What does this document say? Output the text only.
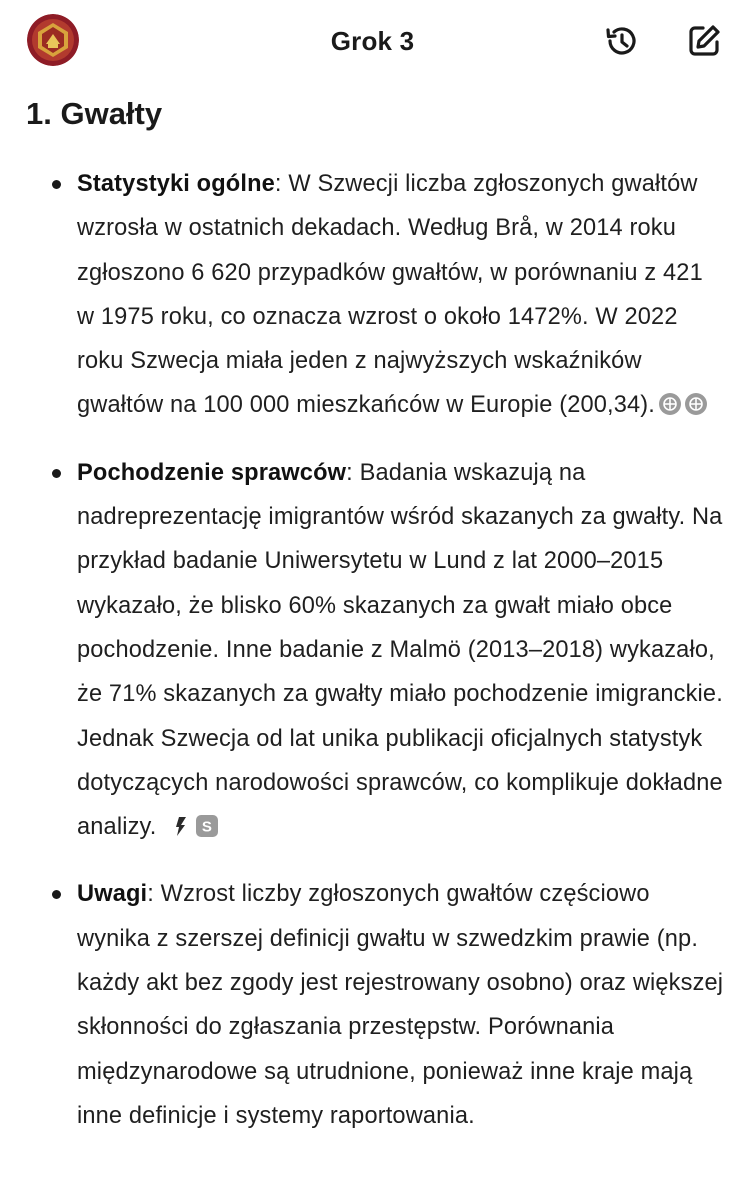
Grok 3
1. Gwałty
Statystyki ogólne: W Szwecji liczba zgłoszonych gwałtów wzrosła w ostatnich dekadach. Według Brå, w 2014 roku zgłoszono 6 620 przypadków gwałtów, w porównaniu z 421 w 1975 roku, co oznacza wzrost o około 1472%. W 2022 roku Szwecja miała jeden z najwyższych wskaźników gwałtów na 100 000 mieszkańców w Europie (200,34).
Pochodzenie sprawców: Badania wskazują na nadreprezentację imigrantów wśród skazanych za gwałty. Na przykład badanie Uniwersytetu w Lund z lat 2000–2015 wykazało, że blisko 60% skazanych za gwałt miało obce pochodzenie. Inne badanie z Malmö (2013–2018) wykazało, że 71% skazanych za gwałty miało pochodzenie imigranckie. Jednak Szwecja od lat unika publikacji oficjalnych statystyk dotyczących narodowości sprawców, co komplikuje dokładne analizy.	S
Uwagi: Wzrost liczby zgłoszonych gwałtów częściowo wynika z szerszej definicji gwałtu w szwedzkim prawie (np. każdy akt bez zgody jest rejestrowany osobno) oraz większej skłonności do zgłaszania przestępstw. Porównania międzynarodowe są utrudnione, ponieważ inne kraje mają inne definicje i systemy raportowania.
